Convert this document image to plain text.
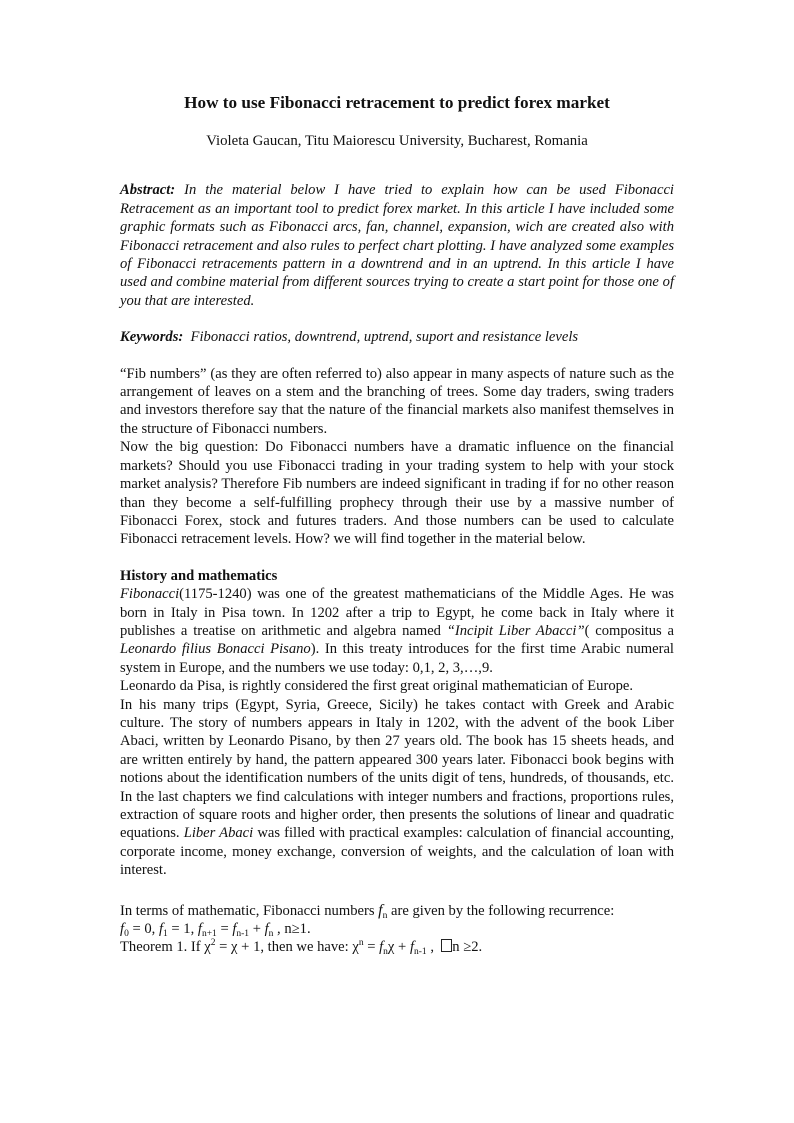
How to use Fibonacci retracement to predict forex market
Violeta Gaucan, Titu Maiorescu University, Bucharest, Romania

Abstract: In the material below I have tried to explain how can be used Fibonacci Retracement as an important tool to predict forex market. In this article I have included some graphic formats such as Fibonacci arcs, fan, channel, expansion, wich are created also with Fibonacci retracement and also rules to perfect chart plotting. I have analyzed some examples of Fibonacci retracements pattern in a downtrend and in an uptrend. In this article I have used and combine material from different sources trying to create a start point for those one of you that are interested.

Keywords: Fibonacci ratios, downtrend, uptrend, suport and resistance levels

“Fib numbers” (as they are often referred to) also appear in many aspects of nature such as the arrangement of leaves on a stem and the branching of trees. Some day traders, swing traders and investors therefore say that the nature of the financial markets also manifest themselves in the structure of Fibonacci numbers.

Now the big question: Do Fibonacci numbers have a dramatic influence on the financial markets? Should you use Fibonacci trading in your trading system to help with your stock market analysis? Therefore Fib numbers are indeed significant in trading if for no other reason than they become a self-fulfilling prophecy through their use by a massive number of Fibonacci Forex, stock and futures traders. And those numbers can be used to calculate Fibonacci retracement levels. How? we will find together in the material below.

History and mathematics

Fibonacci(1175-1240) was one of the greatest mathematicians of the Middle Ages. He was born in Italy in Pisa town. In 1202 after a trip to Egypt, he come back in Italy where it publishes a treatise on arithmetic and algebra named “Incipit Liber Abacci”( compositus a Leonardo filius Bonacci Pisano). In this treaty introduces for the first time Arabic numeral system in Europe, and the numbers we use today: 0,1, 2, 3,…,9.

Leonardo da Pisa, is rightly considered the first great original mathematician of Europe.

In his many trips (Egypt, Syria, Greece, Sicily) he takes contact with Greek and Arabic culture. The story of numbers appears in Italy in 1202, with the advent of the book Liber Abaci, written by Leonardo Pisano, by then 27 years old. The book has 15 sheets heads, and are written entirely by hand, the pattern appeared 300 years later. Fibonacci book begins with notions about the identification numbers of the units digit of tens, hundreds, of thousands, etc. In the last chapters we find calculations with integer numbers and fractions, proportions rules, extraction of square roots and higher order, then presents the solutions of linear and quadratic equations. Liber Abaci was filled with practical examples: calculation of financial accounting, corporate income, money exchange, conversion of weights, and the calculation of loan with interest.

In terms of mathematic, Fibonacci numbers $f_n$ are given by the following recurrence:

$f_0 = 0$, $f_1 = 1$, $f_{n+1} = f_{n-1} + f_n$ , n≥1.

Theorem 1. If $\chi^2 = \chi + 1$, then we have: $\chi^n = f_n\chi + f_{n-1}$ ,  n ≥2.
